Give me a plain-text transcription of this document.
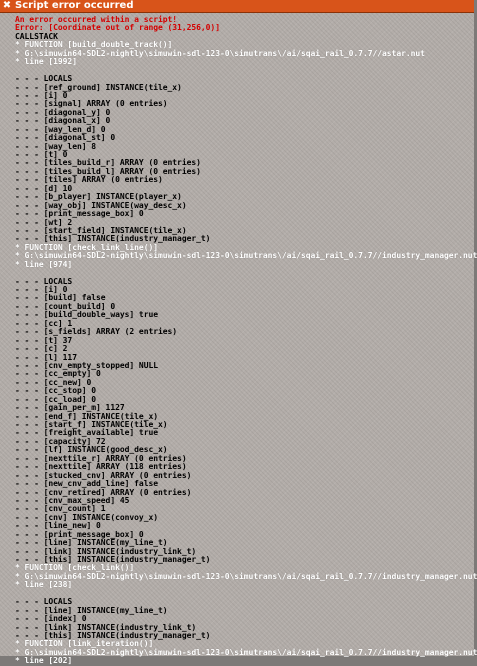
✖ Script error occurred
An error occurred within a script!
Error: [Coordinate out of range (31,256,0)]
CALLSTACK
* FUNCTION [build_double_track()]
* G:\simuwin64-SDL2-nightly\simuwin-sdl-123-0\simutrans\/ai/sqai_rail_0.7.7//astar.nut
* line [1992]
- - - LOCALS
- - - [ref_ground] INSTANCE(tile_x)
- - - [i] 0
- - - [signal] ARRAY (0 entries)
- - - [diagonal_y] 0
- - - [diagonal_x] 0
- - - [way_len_d] 0
- - - [diagonal_st] 0
- - - [way_len] 8
- - - [t] 0
- - - [tiles_build_r] ARRAY (0 entries)
- - - [tiles_build_l] ARRAY (0 entries)
- - - [tiles] ARRAY (0 entries)
- - - [d] 10
- - - [b_player] INSTANCE(player_x)
- - - [way_obj] INSTANCE(way_desc_x)
- - - [print_message_box] 0
- - - [wt] 2
- - - [start_field] INSTANCE(tile_x)
- - - [this] INSTANCE(industry_manager_t)
* FUNCTION [check_link_line()]
* G:\simuwin64-SDL2-nightly\simuwin-sdl-123-0\simutrans\/ai/sqai_rail_0.7.7//industry_manager.nut
* line [974]
- - - LOCALS
- - - [i] 0
- - - [build] false
- - - [count_build] 0
- - - [build_double_ways] true
- - - [cc] 1
- - - [s_fields] ARRAY (2 entries)
- - - [t] 37
- - - [c] 2
- - - [l] 117
- - - [cnv_empty_stopped] NULL
- - - [cc_empty] 0
- - - [cc_new] 0
- - - [cc_stop] 0
- - - [cc_load] 0
- - - [gain_per_m] 1127
- - - [end_f] INSTANCE(tile_x)
- - - [start_f] INSTANCE(tile_x)
- - - [freight_available] true
- - - [capacity] 72
- - - [lf] INSTANCE(good_desc_x)
- - - [nexttile_r] ARRAY (0 entries)
- - - [nexttile] ARRAY (118 entries)
- - - [stucked_cnv] ARRAY (0 entries)
- - - [new_cnv_add_line] false
- - - [cnv_retired] ARRAY (0 entries)
- - - [cnv_max_speed] 45
- - - [cnv_count] 1
- - - [cnv] INSTANCE(convoy_x)
- - - [line_new] 0
- - - [print_message_box] 0
- - - [line] INSTANCE(my_line_t)
- - - [link] INSTANCE(industry_link_t)
- - - [this] INSTANCE(industry_manager_t)
* FUNCTION [check_link()]
* G:\simuwin64-SDL2-nightly\simuwin-sdl-123-0\simutrans\/ai/sqai_rail_0.7.7//industry_manager.nut
* line [238]
- - - LOCALS
- - - [line] INSTANCE(my_line_t)
- - - [index] 0
- - - [link] INSTANCE(industry_link_t)
- - - [this] INSTANCE(industry_manager_t)
* FUNCTION [link_iteration()]
* G:\simuwin64-SDL2-nightly\simuwin-sdl-123-0\simutrans\/ai/sqai_rail_0.7.7//industry_manager.nut
* line [202]
